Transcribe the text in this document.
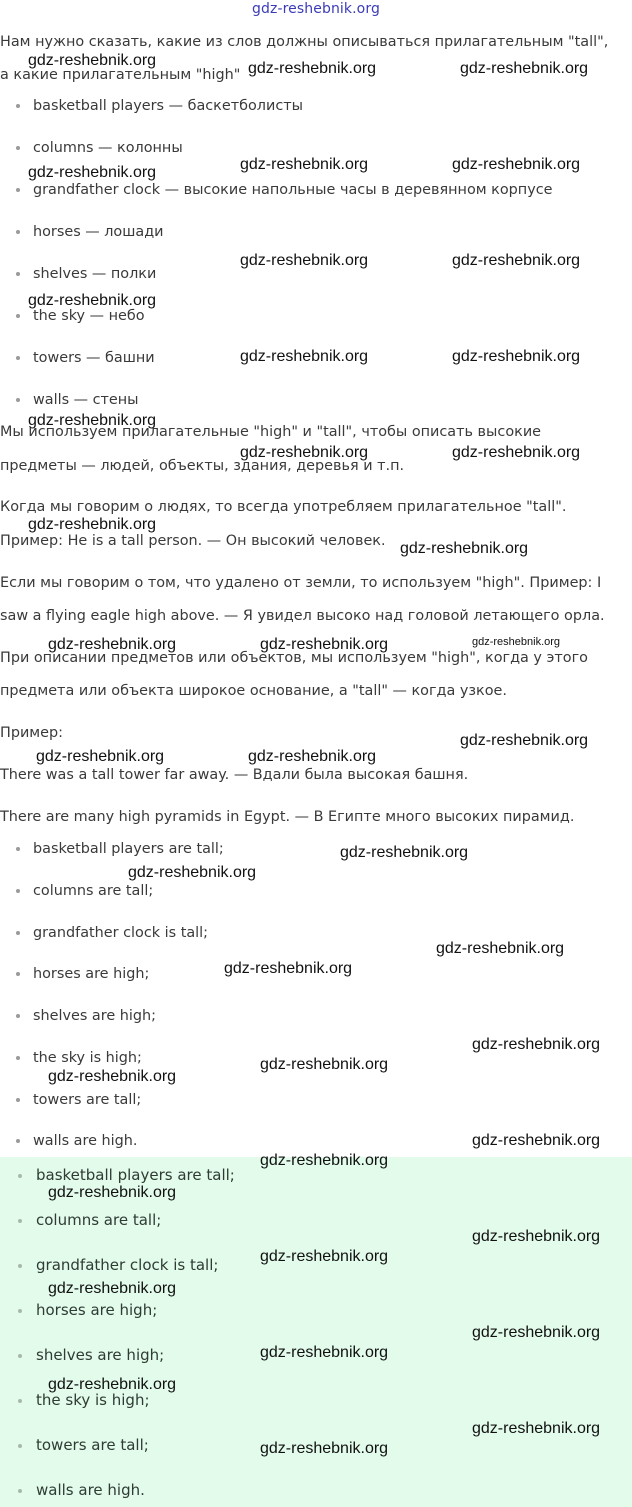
gdz-reshebnik.org
Нам нужно сказать, какие из слов должны описываться прилагательным "tall",
а какие прилагательным "high"
basketball players — баскетболисты
columns — колонны
grandfather clock — высокие напольные часы в деревянном корпусе
horses — лошади
shelves — полки
the sky — небо
towers — башни
walls — стены
Мы используем прилагательные "high" и "tall", чтобы описать высокие
предметы — людей, объекты, здания, деревья и т.п.
Когда мы говорим о людях, то всегда употребляем прилагательное "tall".
Пример: He is a tall person. — Он высокий человек.
Если мы говорим о том, что удалено от земли, то используем "high". Пример: I
saw a flying eagle high above. — Я увидел высоко над головой летающего орла.
При описании предметов или объектов, мы используем "high", когда у этого
предмета или объекта широкое основание, а "tall" — когда узкое.
Пример:
There was a tall tower far away. — Вдали была высокая башня.
There are many high pyramids in Egypt. — В Египте много высоких пирамид.
basketball players are tall;
columns are tall;
grandfather clock is tall;
horses are high;
shelves are high;
the sky is high;
towers are tall;
walls are high.
basketball players are tall;
columns are tall;
grandfather clock is tall;
horses are high;
shelves are high;
the sky is high;
towers are tall;
walls are high.
gdz-reshebnik.org	gdz-reshebnik.org	gdz-reshebnik.org
gdz-reshebnik.org	gdz-reshebnik.org
gdz-reshebnik.org
gdz-reshebnik.org	gdz-reshebnik.org
gdz-reshebnik.org
gdz-reshebnik.org	gdz-reshebnik.org
gdz-reshebnik.org
gdz-reshebnik.org	gdz-reshebnik.org
gdz-reshebnik.org
gdz-reshebnik.org
gdz-reshebnik.org	gdz-reshebnik.org	gdz-reshebnik.org
gdz-reshebnik.org
gdz-reshebnik.org	gdz-reshebnik.org
gdz-reshebnik.org
gdz-reshebnik.org
gdz-reshebnik.org
gdz-reshebnik.org
gdz-reshebnik.org
gdz-reshebnik.org
gdz-reshebnik.org
gdz-reshebnik.org
gdz-reshebnik.org
gdz-reshebnik.org
gdz-reshebnik.org
gdz-reshebnik.org
gdz-reshebnik.org
gdz-reshebnik.org
gdz-reshebnik.org
gdz-reshebnik.org
gdz-reshebnik.org
gdz-reshebnik.org
